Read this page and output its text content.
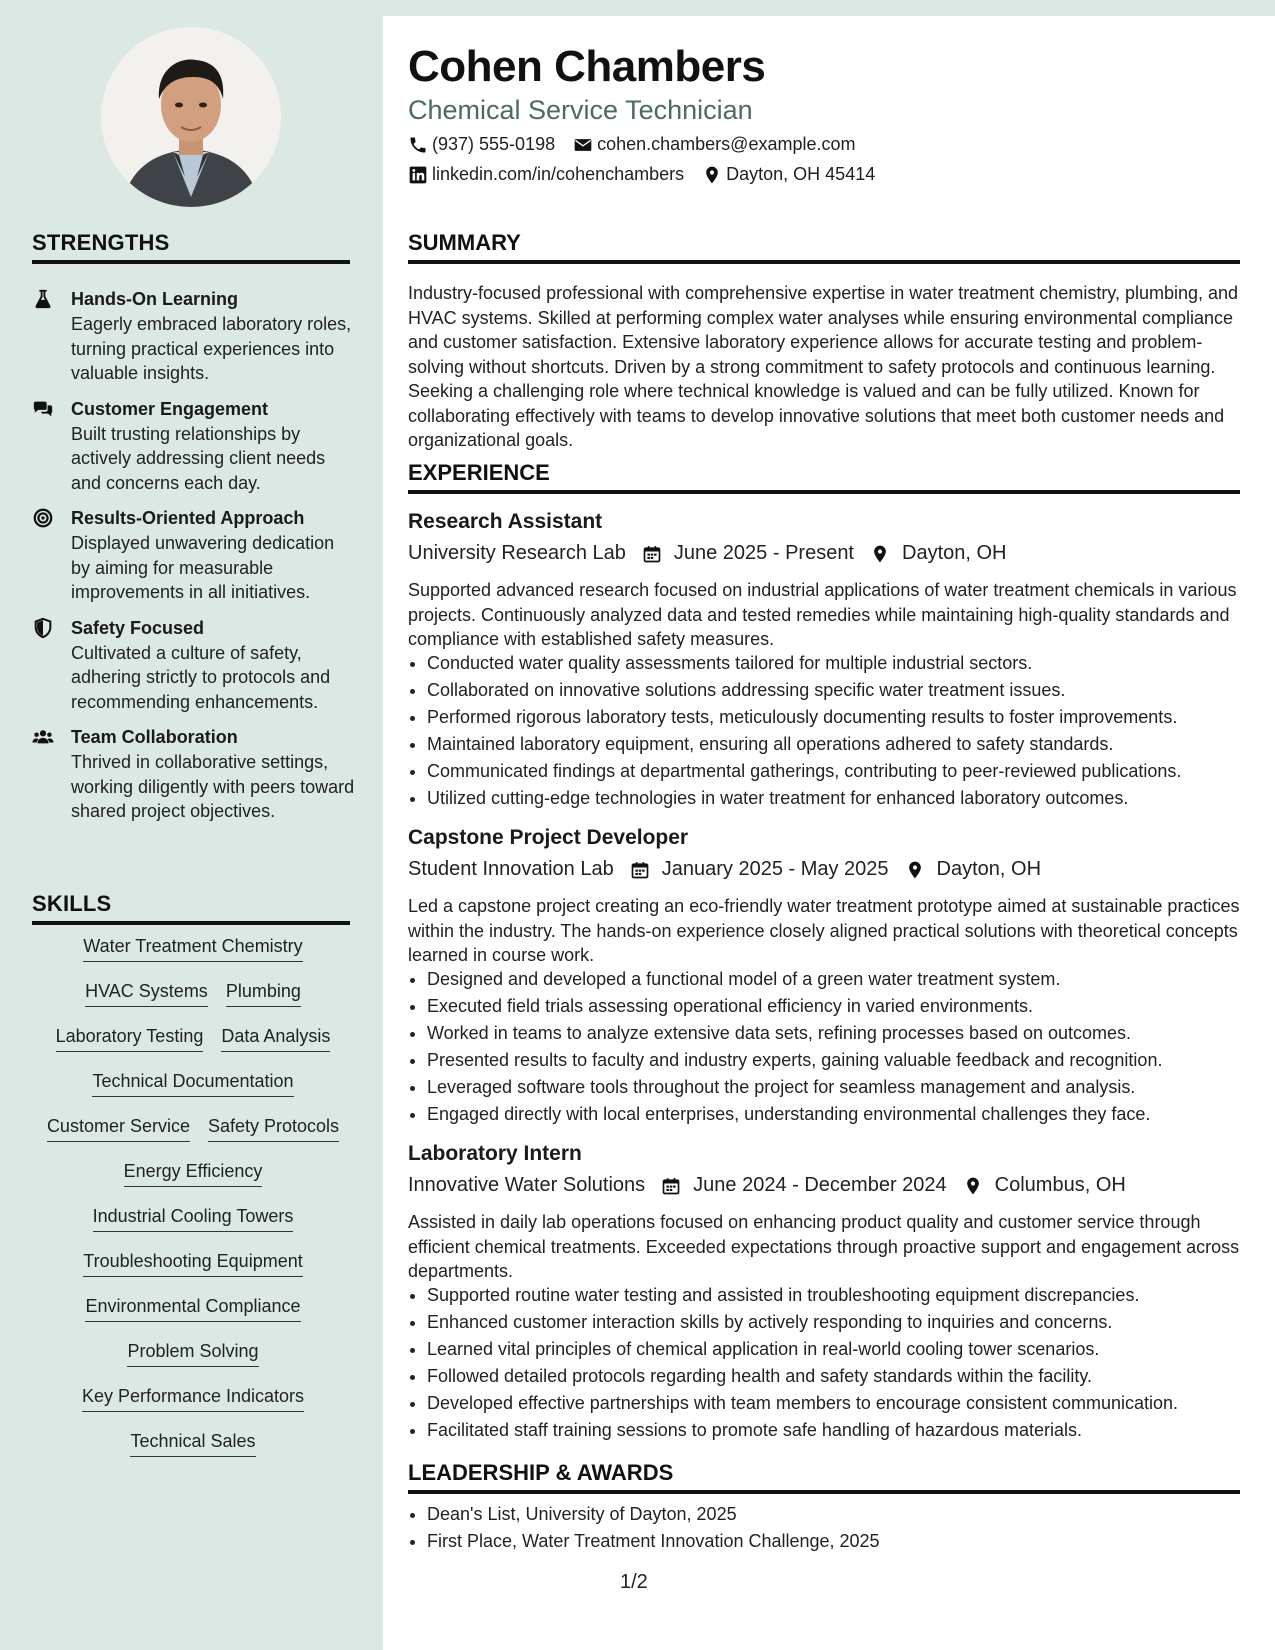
STRENGTHS
Hands-On Learning
Eagerly embraced laboratory roles, turning practical experiences into valuable insights.
Customer Engagement
Built trusting relationships by actively addressing client needs and concerns each day.
Results-Oriented Approach
Displayed unwavering dedication by aiming for measurable improvements in all initiatives.
Safety Focused
Cultivated a culture of safety, adhering strictly to protocols and recommending enhancements.
Team Collaboration
Thrived in collaborative settings, working diligently with peers toward shared project objectives.
SKILLS
Water Treatment Chemistry
HVAC Systems Plumbing
Laboratory Testing Data Analysis
Technical Documentation
Customer Service Safety Protocols
Energy Efficiency
Industrial Cooling Towers
Troubleshooting Equipment
Environmental Compliance
Problem Solving
Key Performance Indicators
Technical Sales
Cohen Chambers
Chemical Service Technician
(937) 555-0198 cohen.chambers@example.com
linkedin.com/in/cohenchambers Dayton, OH 45414
SUMMARY
Industry-focused professional with comprehensive expertise in water treatment chemistry, plumbing, and HVAC systems. Skilled at performing complex water analyses while ensuring environmental compliance and customer satisfaction. Extensive laboratory experience allows for accurate testing and problem-solving without shortcuts. Driven by a strong commitment to safety protocols and continuous learning. Seeking a challenging role where technical knowledge is valued and can be fully utilized. Known for collaborating effectively with teams to develop innovative solutions that meet both customer needs and organizational goals.
EXPERIENCE
Research Assistant
University Research Lab June 2025 - Present Dayton, OH
Supported advanced research focused on industrial applications of water treatment chemicals in various projects. Continuously analyzed data and tested remedies while maintaining high-quality standards and compliance with established safety measures.
• Conducted water quality assessments tailored for multiple industrial sectors.
• Collaborated on innovative solutions addressing specific water treatment issues.
• Performed rigorous laboratory tests, meticulously documenting results to foster improvements.
• Maintained laboratory equipment, ensuring all operations adhered to safety standards.
• Communicated findings at departmental gatherings, contributing to peer-reviewed publications.
• Utilized cutting-edge technologies in water treatment for enhanced laboratory outcomes.
Capstone Project Developer
Student Innovation Lab January 2025 - May 2025 Dayton, OH
Led a capstone project creating an eco-friendly water treatment prototype aimed at sustainable practices within the industry. The hands-on experience closely aligned practical solutions with theoretical concepts learned in course work.
• Designed and developed a functional model of a green water treatment system.
• Executed field trials assessing operational efficiency in varied environments.
• Worked in teams to analyze extensive data sets, refining processes based on outcomes.
• Presented results to faculty and industry experts, gaining valuable feedback and recognition.
• Leveraged software tools throughout the project for seamless management and analysis.
• Engaged directly with local enterprises, understanding environmental challenges they face.
Laboratory Intern
Innovative Water Solutions June 2024 - December 2024 Columbus, OH
Assisted in daily lab operations focused on enhancing product quality and customer service through efficient chemical treatments. Exceeded expectations through proactive support and engagement across departments.
• Supported routine water testing and assisted in troubleshooting equipment discrepancies.
• Enhanced customer interaction skills by actively responding to inquiries and concerns.
• Learned vital principles of chemical application in real-world cooling tower scenarios.
• Followed detailed protocols regarding health and safety standards within the facility.
• Developed effective partnerships with team members to encourage consistent communication.
• Facilitated staff training sessions to promote safe handling of hazardous materials.
LEADERSHIP & AWARDS
• Dean's List, University of Dayton, 2025
• First Place, Water Treatment Innovation Challenge, 2025
1/2
